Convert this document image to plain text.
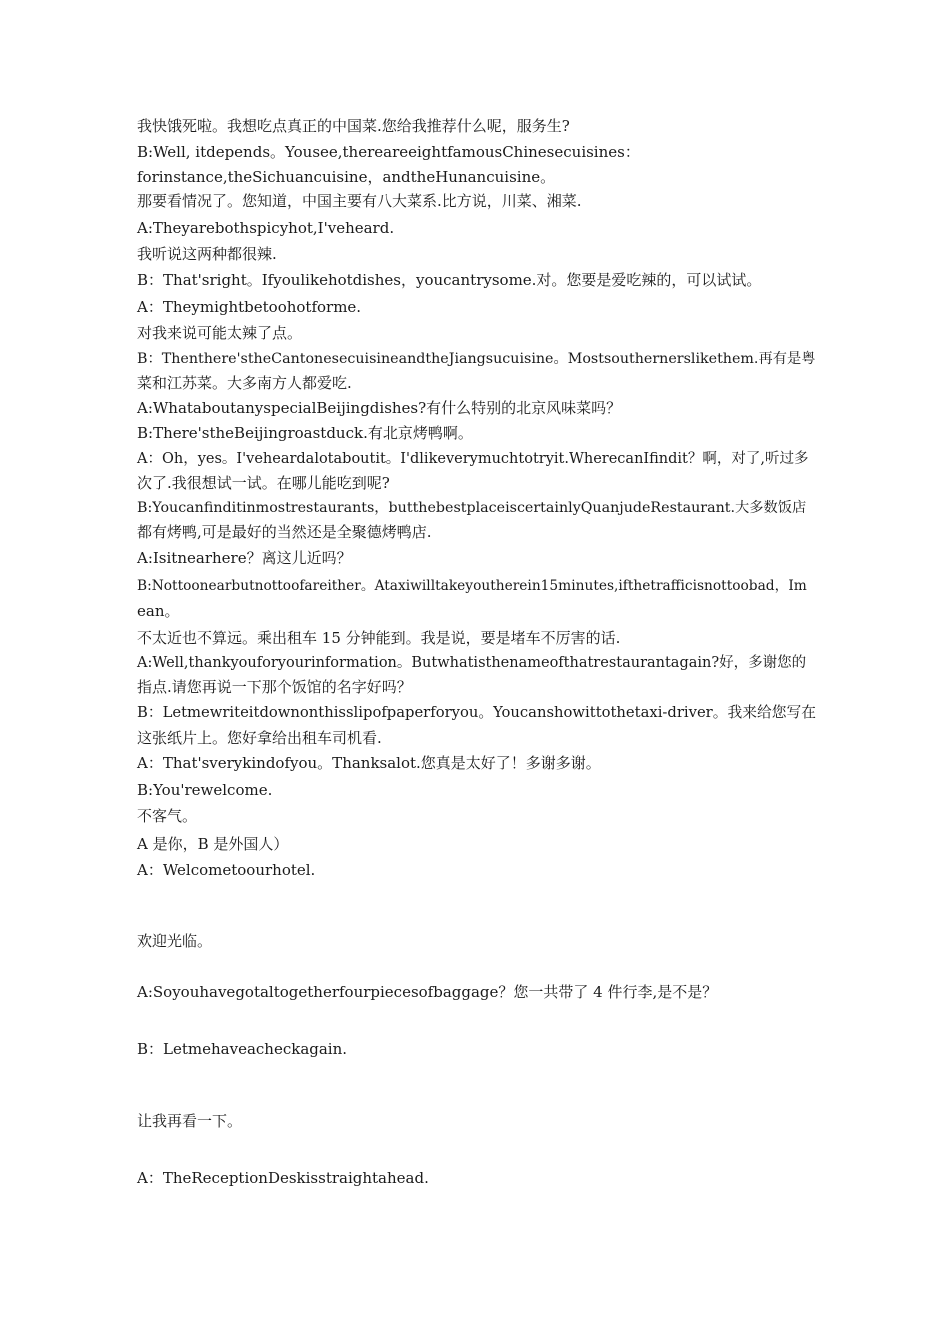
我快饿死啦。我想吃点真正的中国菜.您给我推荐什么呢，服务生?
B:Well, itdepends。Yousee,thereareeightfamousChinesecuisines：
forinstance,theSichuancuisine，andtheHunancuisine。
那要看情况了。您知道，中国主要有八大菜系.比方说，川菜、湘菜.
A:Theyarebothspicyhot,I'veheard.
我听说这两种都很辣.
B：That'sright。Ifyoulikehotdishes，youcantrysome.对。您要是爱吃辣的，可以试试。
A：Theymightbetoohotforme.
对我来说可能太辣了点。
B：Thenthere'stheCantonesecuisineandtheJiangsucuisine。Mostsouthernerslikethem.再有是粤
菜和江苏菜。大多南方人都爱吃.
A:WhataboutanyspecialBeijingdishes?有什么特别的北京风味菜吗？
B:There'stheBeijingroastduck.有北京烤鸭啊。
A：Oh，yes。I'veheardalotaboutit。I'dlikeverymuchtotryit.WherecanIfindit？啊，对了,听过多
次了.我很想试一试。在哪儿能吃到呢?
B:Youcanfinditinmostrestaurants，butthebestplaceiscertainlyQuanjudeRestaurant.大多数饭店
都有烤鸭,可是最好的当然还是全聚德烤鸭店.
A:Isitnearhere？离这儿近吗？
B:Nottoonearbutnottoofareither。Ataxiwilltakeyoutherein15minutes,ifthetrafficisnottoobad，Im
ean。
不太近也不算远。乘出租车 15 分钟能到。我是说，要是堵车不厉害的话.
A:Well,thankyouforyourinformation。Butwhatisthenameofthatrestaurantagain?好，多谢您的
指点.请您再说一下那个饭馆的名字好吗？
B：Letmewriteitdownonthisslipofpaperforyou。Youcanshowittothetaxi-driver。我来给您写在
这张纸片上。您好拿给出租车司机看.
A：That'sverykindofyou。Thanksalot.您真是太好了！多谢多谢。
B:You'rewelcome.
不客气。
A 是你，B 是外国人）
A：Welcometoourhotel.
欢迎光临。
A:Soyouhavegotaltogetherfourpiecesofbaggage？您一共带了 4 件行李,是不是？
B：Letmehaveacheckagain.
让我再看一下。
A：TheReceptionDeskisstraightahead.
